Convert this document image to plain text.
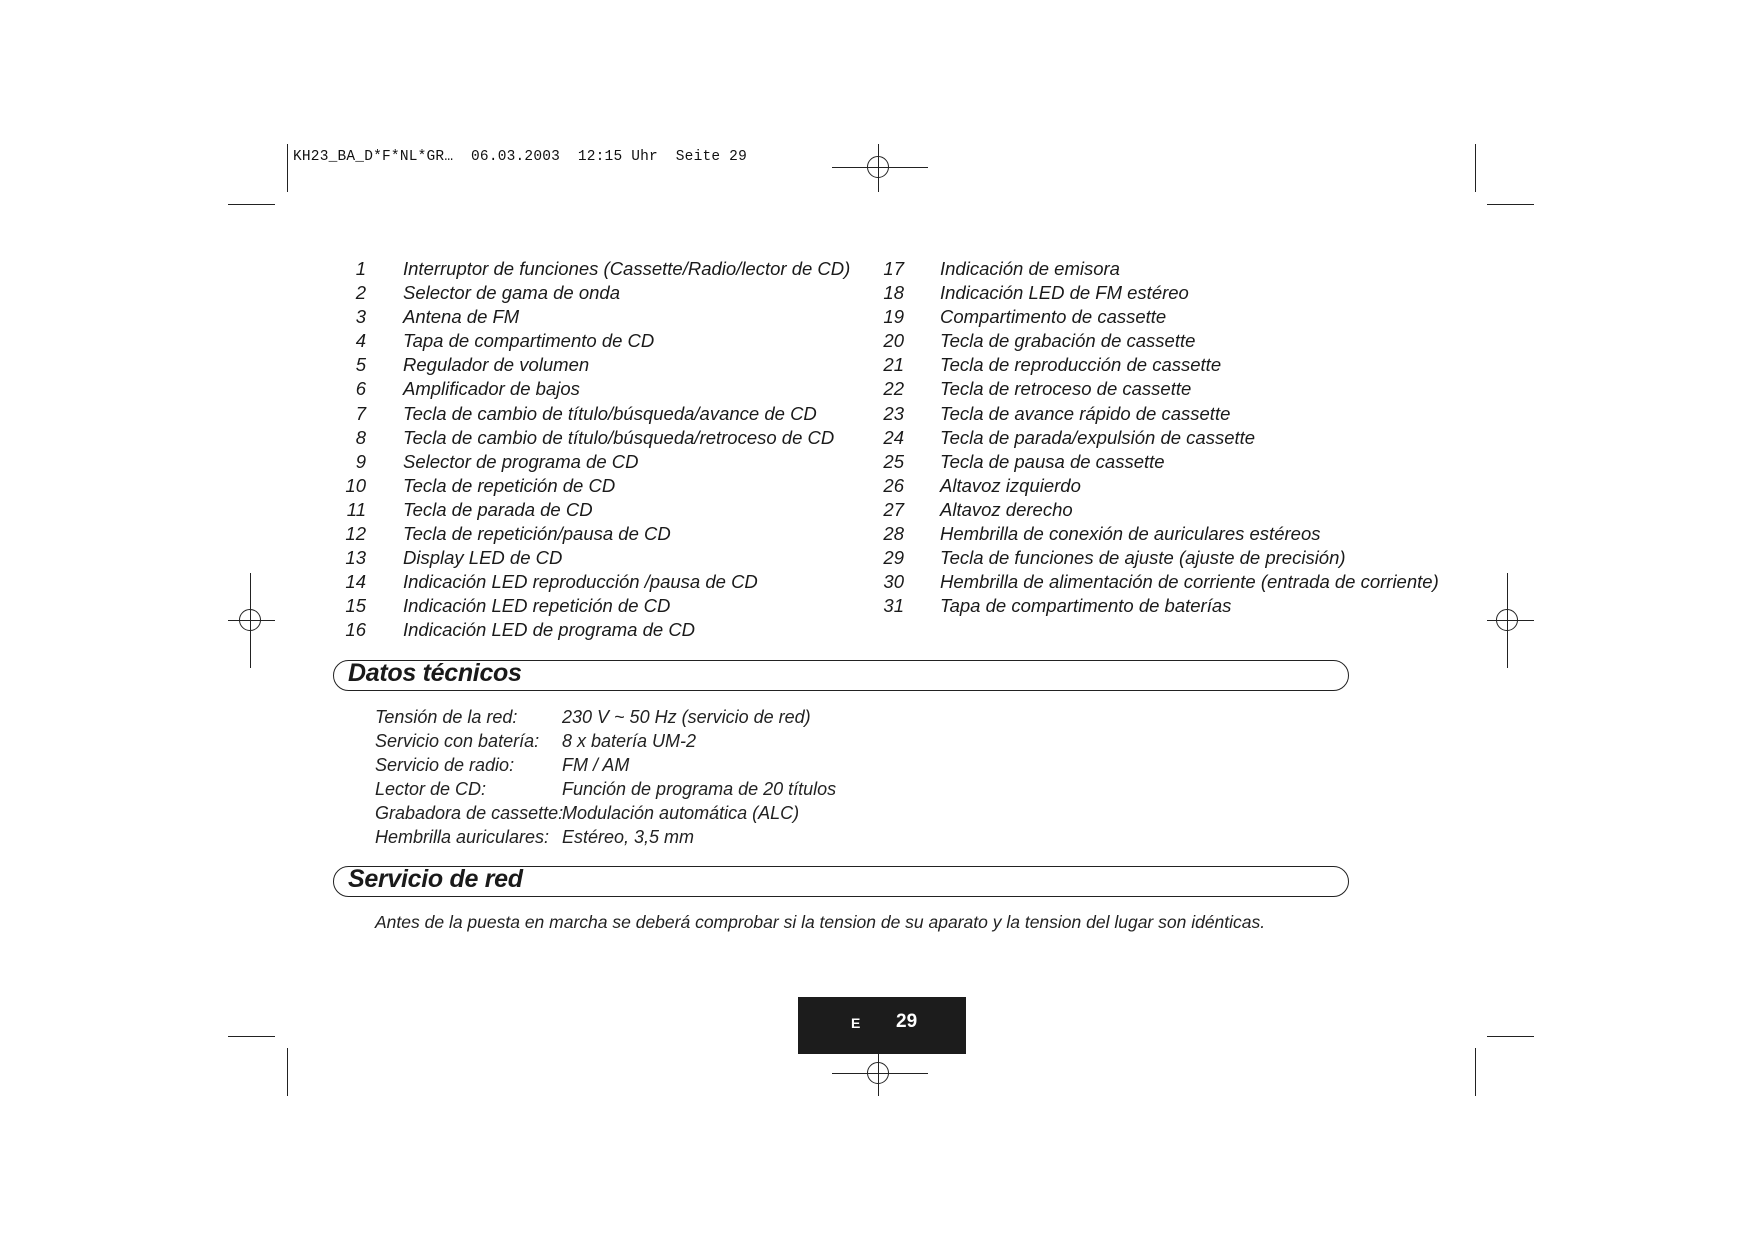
KH23_BA_D*F*NL*GR…  06.03.2003  12:15 Uhr  Seite 29
1 Interruptor de funciones (Cassette/Radio/lector de CD)
2 Selector de gama de onda
3 Antena de FM
4 Tapa de compartimento de CD
5 Regulador de volumen
6 Amplificador de bajos
7 Tecla de cambio de título/búsqueda/avance de CD
8 Tecla de cambio de título/búsqueda/retroceso de CD
9 Selector de programa de CD
10 Tecla de repetición de CD
11 Tecla de parada de CD
12 Tecla de repetición/pausa de CD
13 Display LED de CD
14 Indicación LED reproducción /pausa de CD
15 Indicación LED repetición de CD
16 Indicación LED de programa de CD
17 Indicación de emisora
18 Indicación LED de FM estéreo
19 Compartimento de cassette
20 Tecla de grabación de cassette
21 Tecla de reproducción de cassette
22 Tecla de retroceso de cassette
23 Tecla de avance rápido de cassette
24 Tecla de parada/expulsión de cassette
25 Tecla de pausa de cassette
26 Altavoz izquierdo
27 Altavoz derecho
28 Hembrilla de conexión de auriculares estéreos
29 Tecla de funciones de ajuste (ajuste de precisión)
30 Hembrilla de alimentación de corriente (entrada de corriente)
31 Tapa de compartimento de baterías
Datos técnicos
Tensión de la red: 230 V ~ 50 Hz (servicio de red)
Servicio con batería: 8 x batería UM-2
Servicio de radio:	FM / AM
Lector de CD:	Función de programa de 20 títulos
Grabadora de cassette:
Modulación automática (ALC)
Hembrilla auriculares: Estéreo, 3,5 mm
Servicio de red
Antes de la puesta en marcha se deberá comprobar si la tension de su aparato y la tension del lugar son idénticas.
E 29
